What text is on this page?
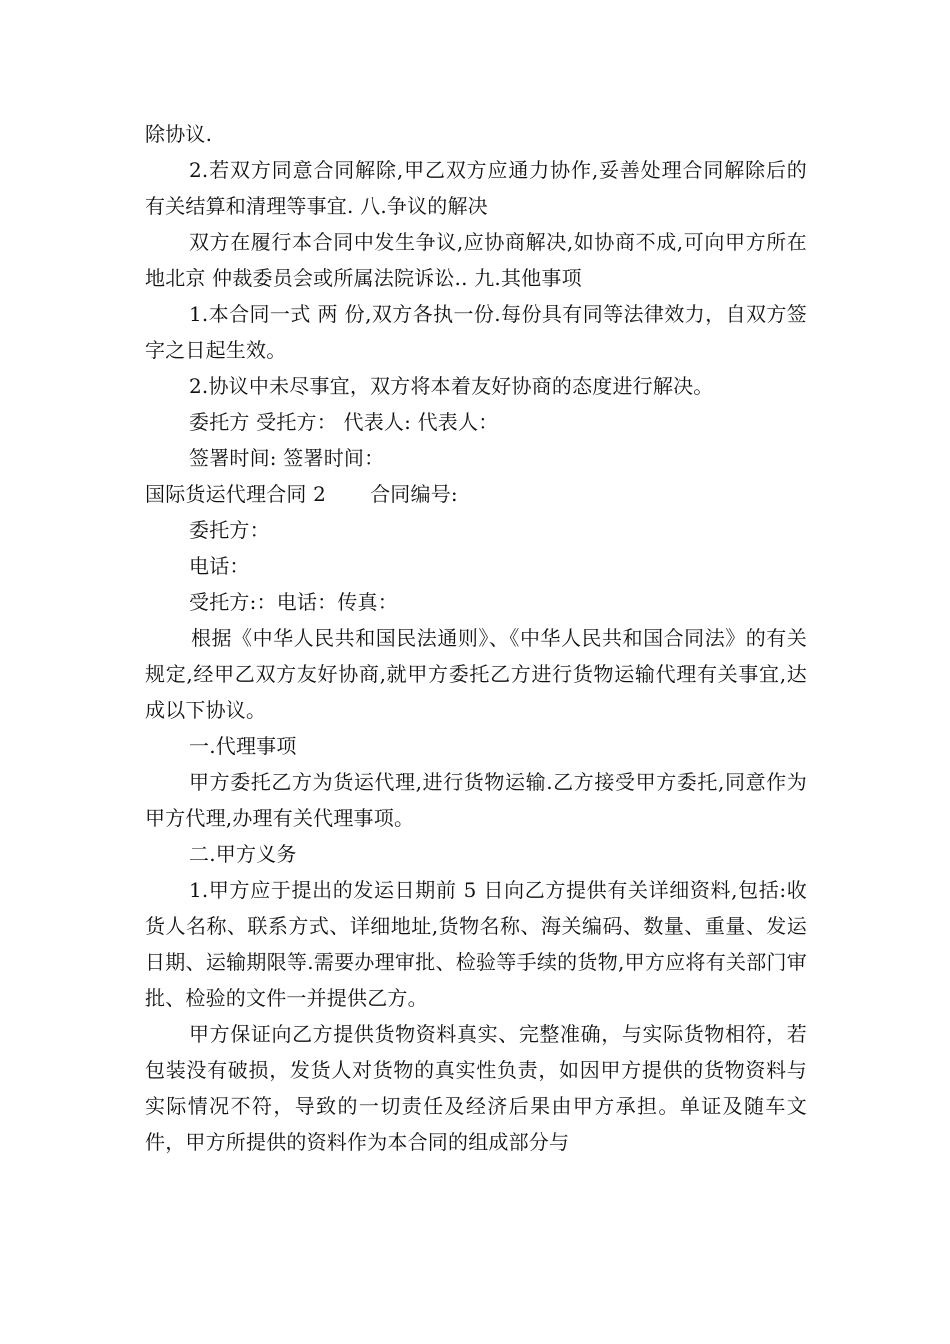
除协议.

2.若双方同意合同解除,甲乙双方应通力协作,妥善处理合同解除后的有关结算和清理等事宜. 八.争议的解决

双方在履行本合同中发生争议,应协商解决,如协商不成,可向甲方所在地北京 仲裁委员会或所属法院诉讼.. 九.其他事项

1.本合同一式 两 份,双方各执一份.每份具有同等法律效力，自双方签字之日起生效。

2.协议中未尽事宜，双方将本着友好协商的态度进行解决。

委托方 受托方： 代表人: 代表人：

签署时间: 签署时间：

国际货运代理合同 2 合同编号:

委托方：

电话：

受托方:：电话：传真：

根据《中华人民共和国民法通则》、《中华人民共和国合同法》的有关规定,经甲乙双方友好协商,就甲方委托乙方进行货物运输代理有关事宜,达成以下协议。

一.代理事项

甲方委托乙方为货运代理,进行货物运输.乙方接受甲方委托,同意作为甲方代理,办理有关代理事项。

二.甲方义务

1.甲方应于提出的发运日期前 5 日向乙方提供有关详细资料,包括:收货人名称、联系方式、详细地址,货物名称、海关编码、数量、重量、发运日期、运输期限等.需要办理审批、检验等手续的货物,甲方应将有关部门审批、检验的文件一并提供乙方。

甲方保证向乙方提供货物资料真实、完整准确，与实际货物相符，若包装没有破损，发货人对货物的真实性负责，如因甲方提供的货物资料与实际情况不符，导致的一切责任及经济后果由甲方承担。单证及随车文件，甲方所提供的资料作为本合同的组成部分与
